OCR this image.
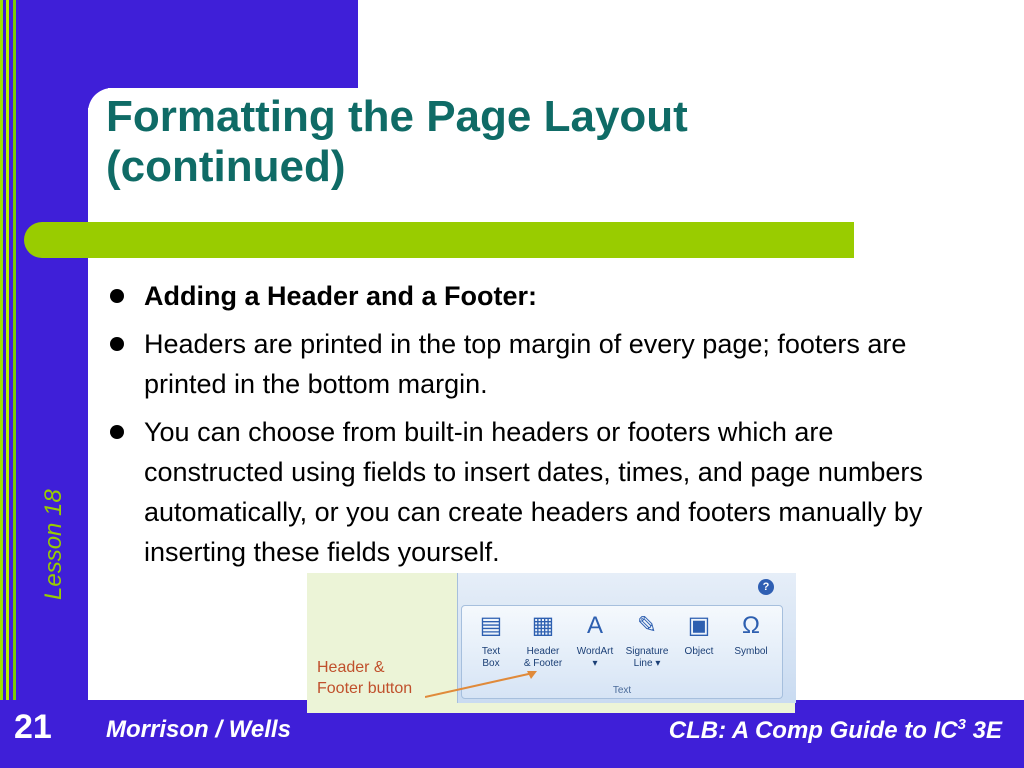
Formatting the Page Layout
(continued)
Adding a Header and a Footer:
Headers are printed in the top margin of every page; footers are printed in the bottom margin.
You can choose from built-in headers or footers which are constructed using fields to insert dates, times, and page numbers automatically, or you can create headers and footers manually by inserting these fields yourself.
?
▤
Text
Box
▦
Header
& Footer
A
WordArt
▾
✎
Signature
Line ▾
▣
Object
Ω
Symbol
Text
Header &
Footer button
Lesson 18
21	Morrison / Wells	CLB: A Comp Guide to $IC^3$ 3E
